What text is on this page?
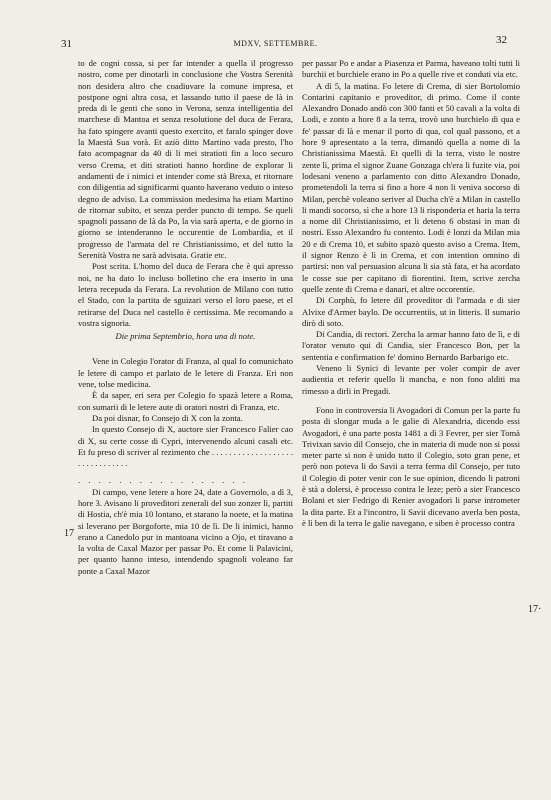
31	MDXV, SETTEMBRE.	32

to de cogni cossa, si per far intender a quella il progresso nostro, come per dinotarli in conclusione che Vostra Serenità non desidera altro che coadiuvare la comune impresa, et postpone ogni altra cosa, et lassando tutto il paese de là in preda di le genti che sono in Verona, senza intelligentia del marchese di Mantoa et senza resolutione del duca de Ferara, ha fato spingere avanti questo exercito, et faralo spinger dove la Maestà Sua vorà. Et aziò ditto Martino vada presto, l'ho fato acompagnar da 40 di li mei stratioti fin a loco securo verso Crema, et diti stratioti hanno hordine de explorar li andamenti de i nimici et intender come stà Brexa, et ritornare con diligentia ad significarmi quanto haverano veduto o inteso degno de adviso. La commission medesima ha etiam Martino de ritornar subito, et senza perder puncto di tempo. Se queli spagnoli passano de là da Po, la via sarà aperta, e de giorno in giorno se intenderanno le occurentie de Lombardia, et il progresso de l'armata del re Christianissimo, et del tutto la Serenità Vostra ne sarà advisata. Gratie etc.

Post scrita. L'homo del duca de Ferara che è qui apresso noi, ne ha dato lo incluso bolletino che era inserto in una letera recepuda da Ferara. La revolution de Milano con tutto el Stado, con la partita de sguizari verso el loro paese, et el retirarse del Duca nel castello è certissima. Me recomando a vostra signoria.

Die prima Septembrio, hora una di note.

Vene in Colegio l'orator di Franza, al qual fo comunichato le letere di campo et parlato de le letere di Franza. Eri non vene, tolse medicina.

È da saper, eri sera per Colegio fo spazà letere a Roma, con sumarii di le letere aute di oratori nostri di Franza, etc.

Da poi disnar, fo Consejo di X con la zonta.

In questo Consejo di X, auctore sier Francesco Falier cao di X, su certe cosse di Cypri, intervenendo alcuni casali etc. Et fu preso di scriver al rezimento che . . . . . . . . . . . . . . . . . . . . . . . . . . . . . . .

. . . . . . . . . . . . . . . . .

Di campo, vene letere a hore 24, date a Governolo, a dì 3, hore 3. Avisano li proveditori zenerali del suo zonzer lì, partiti di Hostia, ch'è mia 10 lontano, et starano la noete, et la matina si leverano per Borgoforte, mia 10 de lì. De li inimici, hanno erano a Canedolo pur in mantoana vicino a Ojo, et tiravano a la volta de Caxal Mazor per passar Po. Et come li Palavicini, per quanto hanno inteso, intendendo spagnoli voleano far ponte a Caxal Mazor

per passar Po e andar a Piasenza et Parma, haveano tolti tutti li burchii et burchiele erano in Po a quelle rive et conduti via etc.

A dì 5, la matina. Fo letere di Crema, di sier Bortolomio Contarini capitanio e proveditor, di primo. Come il conte Alexandro Donado andò con 300 fanti et 50 cavali a la volta di Lodi, e zonto a hore 8 a la terra, trovò uno burchielo di qua e fe' passar di là e menar il porto di qua, col qual passono, et a hore 9 apresentato a la terra, dimandò quella a nome di la Christianissima Maestà. Et quelli di la terra, visto le nostre zente lì, prima el signor Zuane Gonzaga ch'era li fuzite via, poi lodesani veneno a parlamento con ditto Alexandro Donado, prometendoli la terra si fino a hore 4 non li veniva socorso di Milan, perchè voleano seriver al Ducha ch'è a Milan in castello li mandi socorso, sì che a hore 13 li risponderia et haria la terra a nome dil Christianissimo, et li deteno 6 obstasi in man di nostri. Esso Alexandro fu contento. Lodi è lonzi da Milan mia 20 e di Crema 10, et subito spazò questo aviso a Crema. Item, il signor Renzo è lì in Crema, et con intention omnino di partirsi: non val persuasion alcuna li sia stà fata, et ha acordato le cosse sue per capitano di fiorentini. Item, scrive zercha quelle zente di Crema e danari, et altre occorentie.

Di Corphù, fo letere dil proveditor di l'armada e di sier Alvixe d'Armer baylo. De occurrentiis, ut in litteris. Il sumario dirò di soto.

Di Candia, di rectori. Zercha la armar hanno fato de lì, e di l'orator venuto qui di Candia, sier Francesco Bon, per la sententia e confirmation fe' domino Bernardo Barbarigo etc.

Veneno li Synici di levante per voler compir de aver audientia et referir quello li mancha, e non fono alditi ma rimesso a dirli in Pregadi.

Fono in controversia li Avogadori di Comun per la parte fu posta di slongar muda a le galie di Alexandria, dicendo essi Avogadori, è una parte posta 1481 a dì 3 Fevrer, per sier Tomà Trivixan savio dil Consejo, che in materia di mude non si possi meter parte si non è unido tutto il Colegio, soto gran pene, et però non poteva li do Savii a terra ferma dil Consejo, per tuto il Colegio di poter venir con le sue opinion, dicendo li patroni è stà a dolersi, è processo contra le leze; però a sier Francesco Bolani et sier Fedrigo di Renier avogadori li parse intrometer la dita parte. Et a l'incontro, li Savii dicevano averla ben posta, è lì ben di la terra le galie navegano, e siben è processo contra

17
17·
